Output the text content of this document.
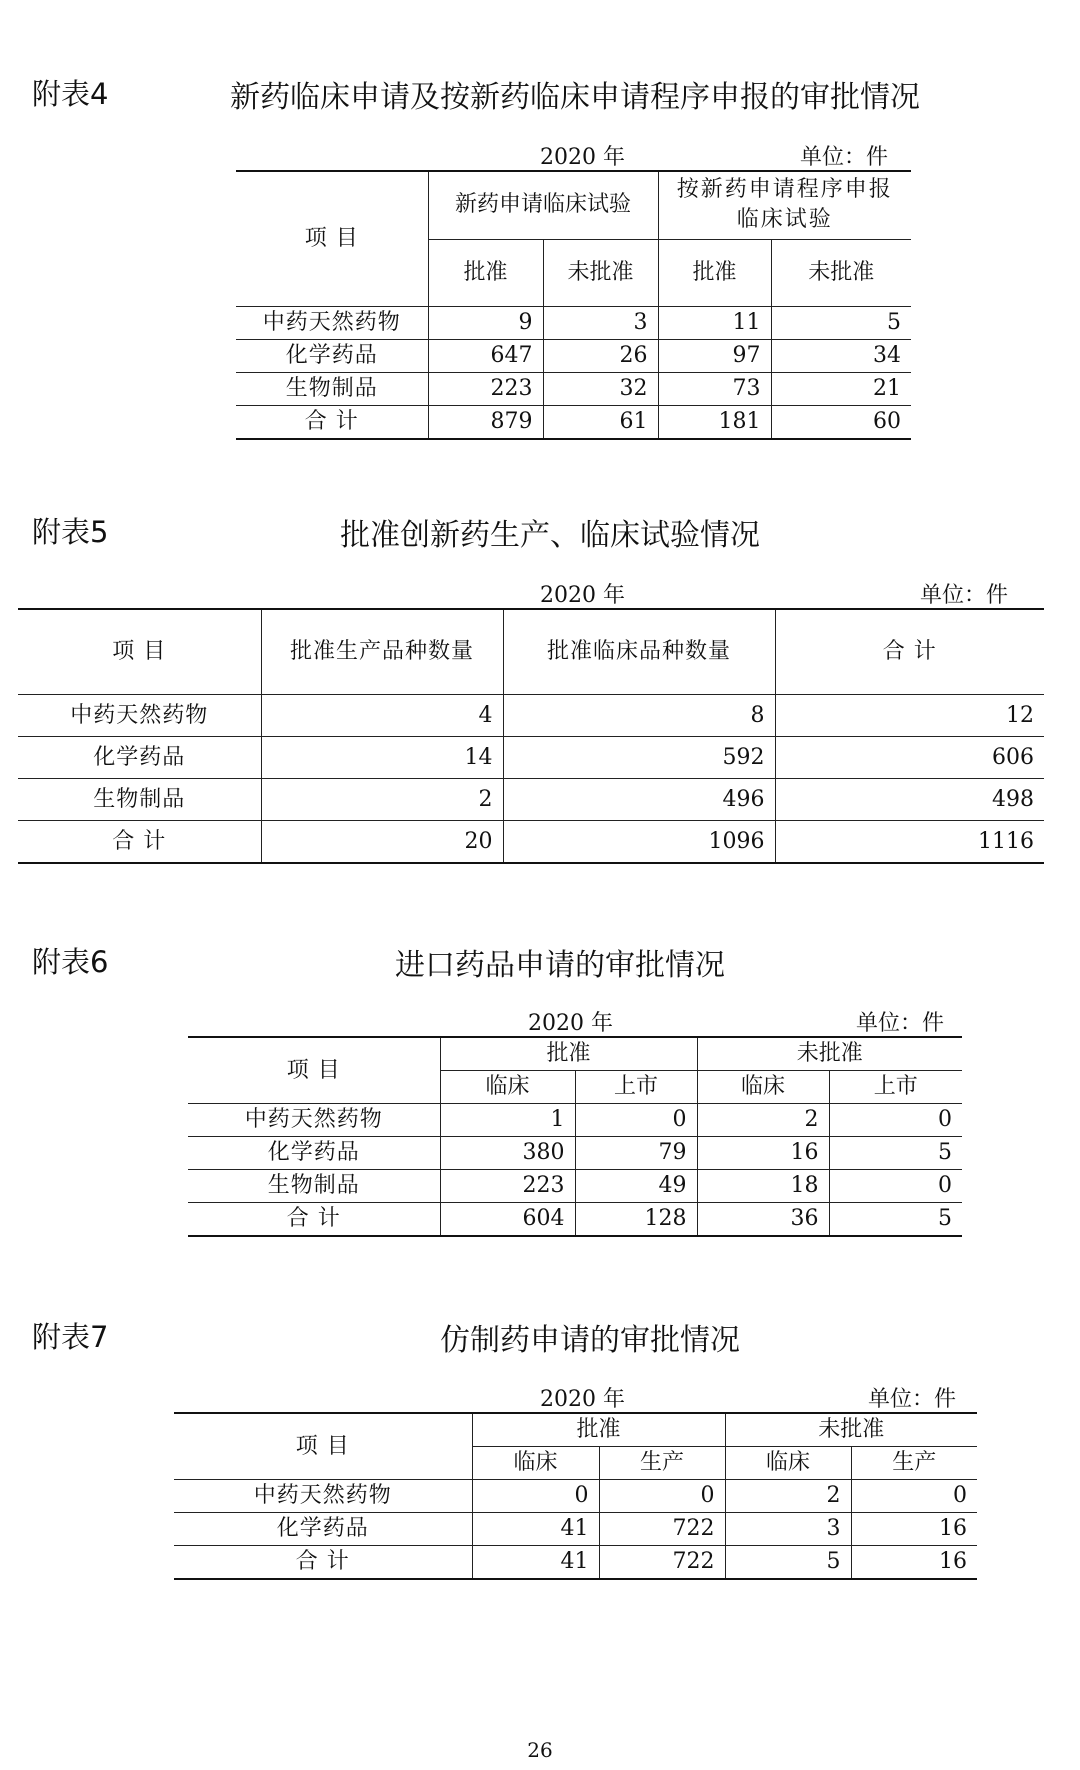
附表4	新药临床申请及按新药临床申请程序申报的审批情况
2020 年	单位：件
项 目	新药申请临床试验		按新药申请程序申报临床试验	
	批准	未批准	批准	未批准
中药天然药物	9	3	11	5
化学药品	647	26	97	34
生物制品	223	32	73	21
合 计	879	61	181	60
附表5	批准创新药生产、临床试验情况
2020 年	单位：件
项 目	批准生产品种数量	批准临床品种数量	合 计
中药天然药物	4	8	12
化学药品	14	592	606
生物制品	2	496	498
合 计	20	1096	1116
附表6	进口药品申请的审批情况
2020 年	单位：件
项 目	批准		未批准	
	临床	上市	临床	上市
中药天然药物	1	0	2	0
化学药品	380	79	16	5
生物制品	223	49	18	0
合 计	604	128	36	5
附表7	仿制药申请的审批情况
2020 年	单位：件
项 目	批准		未批准	
	临床	生产	临床	生产
中药天然药物	0	0	2	0
化学药品	41	722	3	16
合 计	41	722	5	16
26
